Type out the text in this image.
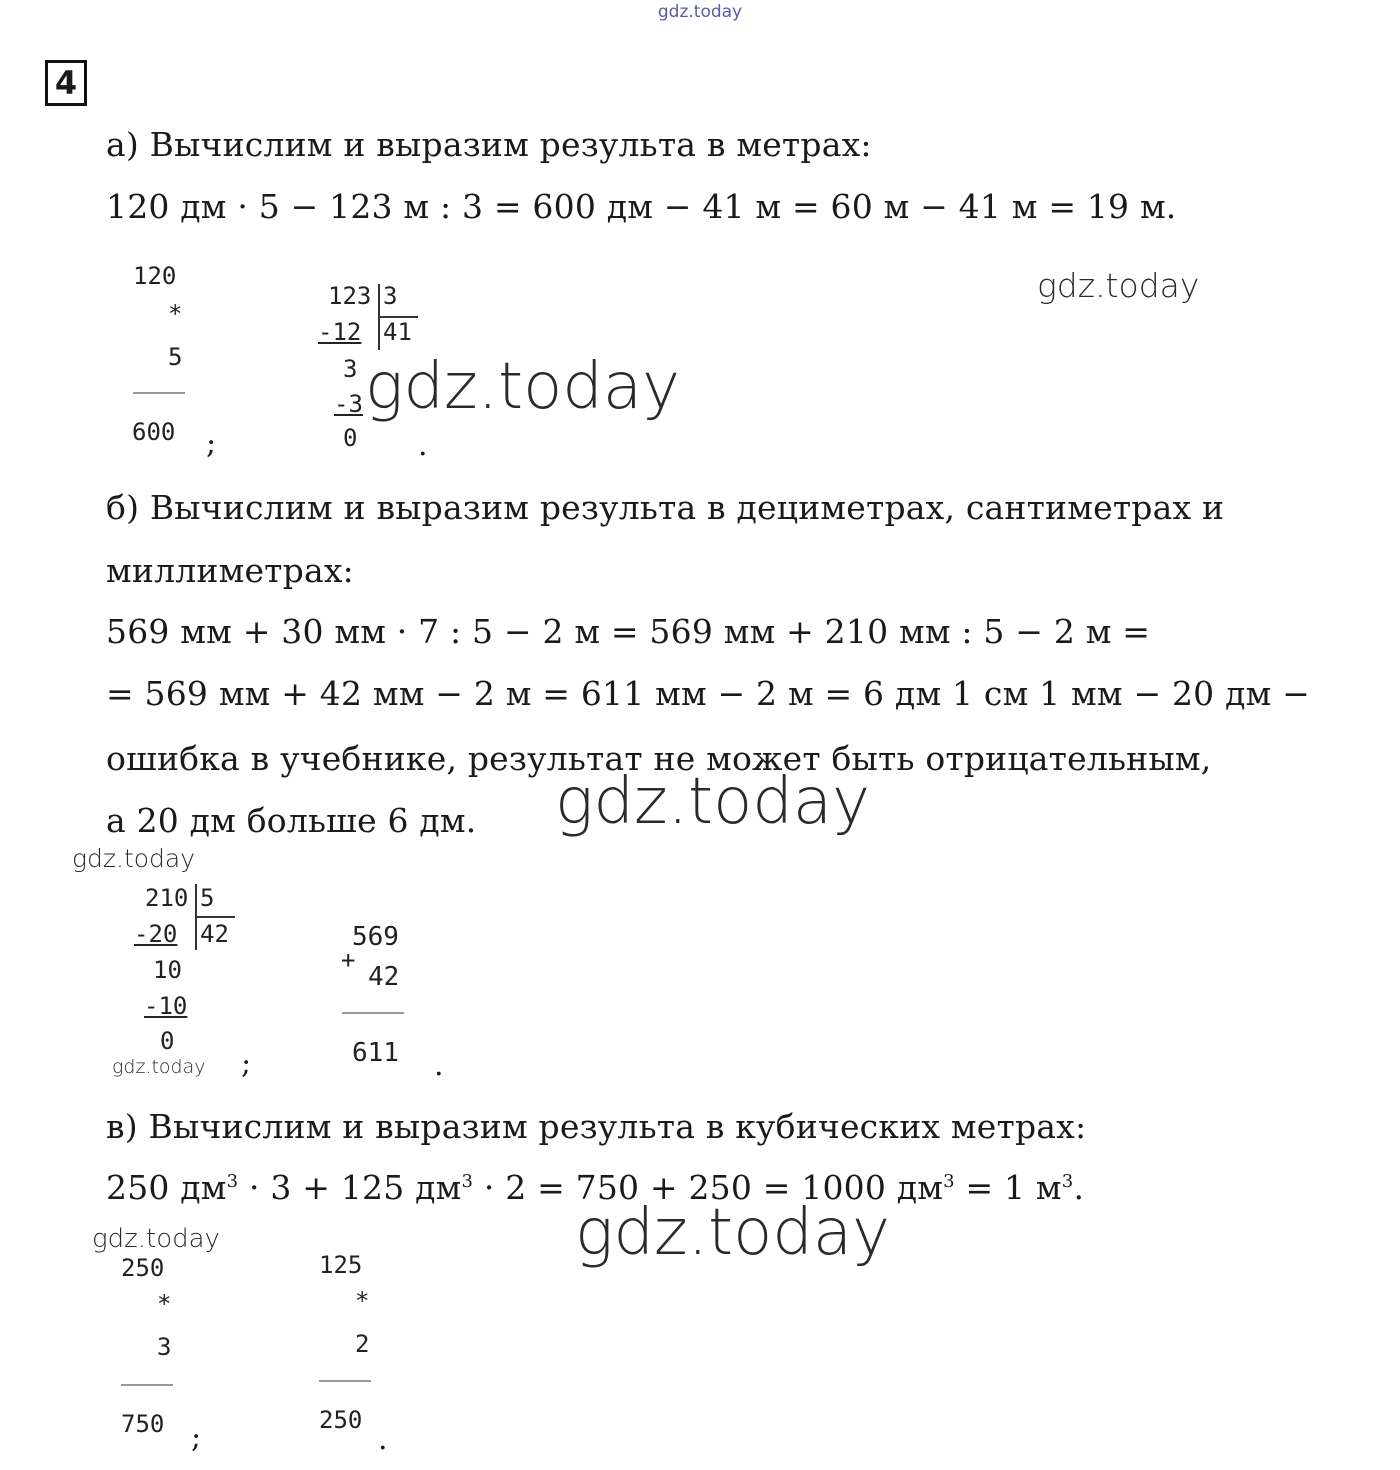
gdz.today
4
а) Вычислим и выразим результа в метрах:
120 дм · 5 − 123 м : 3 = 600 дм − 41 м = 60 м − 41 м = 19 м.
120
*
5
600 ;
123 3
-12 41
3
-3
0 .
gdz.today
gdz.today
б) Вычислим и выразим результа в дециметрах, сантиметрах и
миллиметрах:
569 мм + 30 мм · 7 : 5 − 2 м = 569 мм + 210 мм : 5 − 2 м =
= 569 мм + 42 мм − 2 м = 611 мм − 2 м = 6 дм 1 см 1 мм − 20 дм −
ошибка в учебнике, результат не может быть отрицательным,
а 20 дм больше 6 дм. gdz.today
gdz.today
210 5
-20 42
10
-10
0
gdz.today ;
569
+
42
611 .
в) Вычислим и выразим результа в кубических метрах:
250 $дм^3 \cdot 3 + 125$ $дм^3 \cdot 2 = 750 + 250 = 1000$ $дм^3 = 1$ $м^3$.
gdz.today	gdz.today
250
*
3
750 ;
125
*
2
250
.
